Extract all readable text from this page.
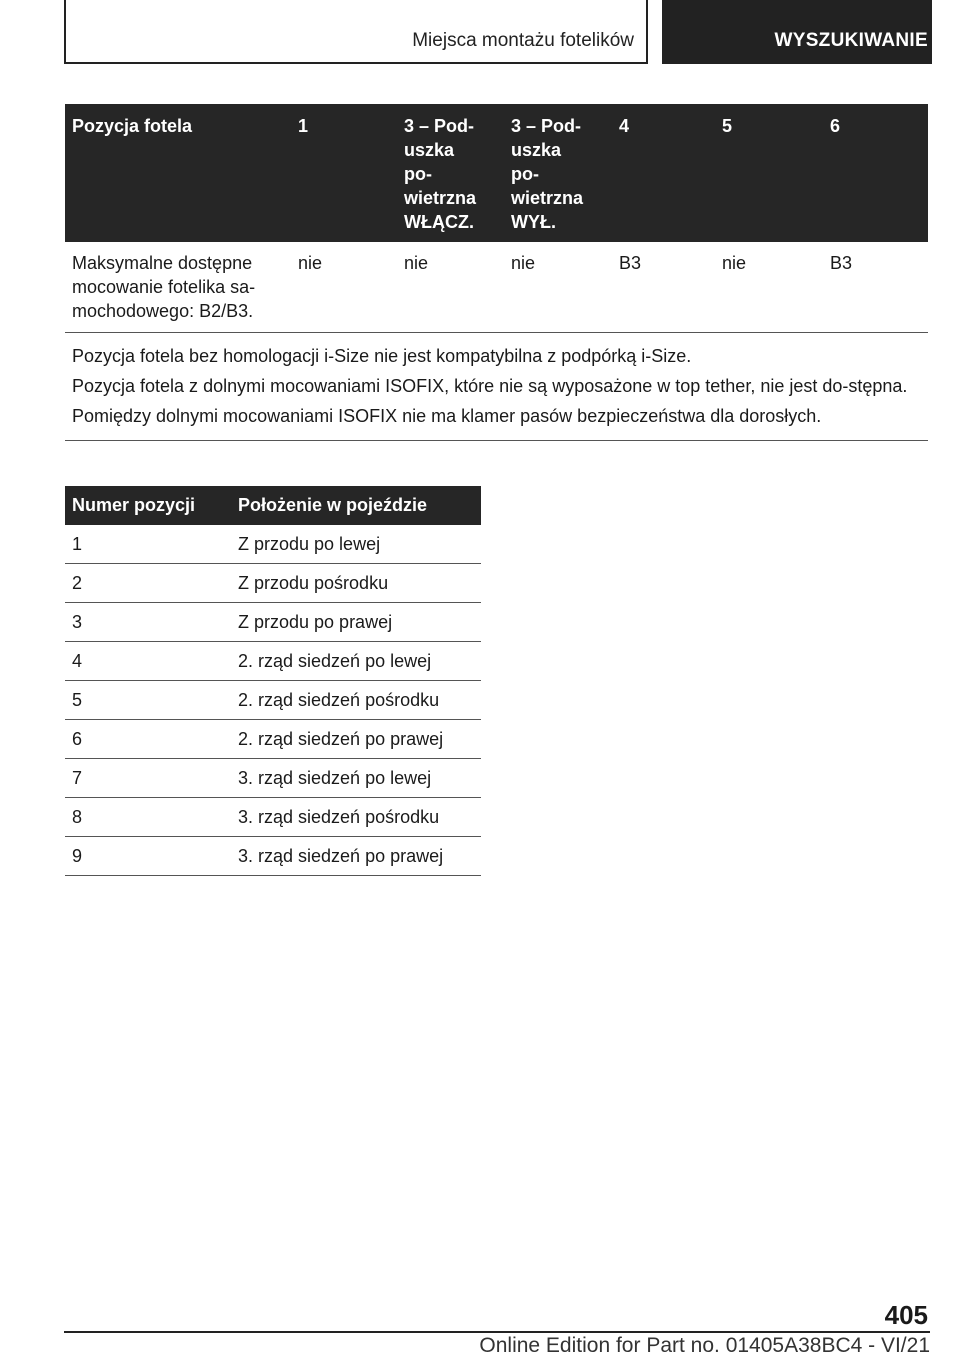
Miejsca montażu fotelików	WYSZUKIWANIE
Pozycja fotela	1	3 – Pod-
uszka
po-
wietrzna
WŁĄCZ.	3 – Pod-
uszka
po-
wietrzna
WYŁ.	4	5	6
Maksymalne dostępne mocowanie fotelika sa-mochodowego: B2/B3.	nie	nie	nie	B3	nie	B3

Pozycja fotela bez homologacji i-Size nie jest kompatybilna z podpórką i-Size.

Pozycja fotela z dolnymi mocowaniami ISOFIX, które nie są wyposażone w top tether, nie jest do-stępna.

Pomiędzy dolnymi mocowaniami ISOFIX nie ma klamer pasów bezpieczeństwa dla dorosłych.						

Numer pozycji	Położenie w pojeździe
1	Z przodu po lewej
2	Z przodu pośrodku
3	Z przodu po prawej
4	2. rząd siedzeń po lewej
5	2. rząd siedzeń pośrodku
6	2. rząd siedzeń po prawej
7	3. rząd siedzeń po lewej
8	3. rząd siedzeń pośrodku
9	3. rząd siedzeń po prawej
405
Online Edition for Part no. 01405A38BC4 - VI/21
